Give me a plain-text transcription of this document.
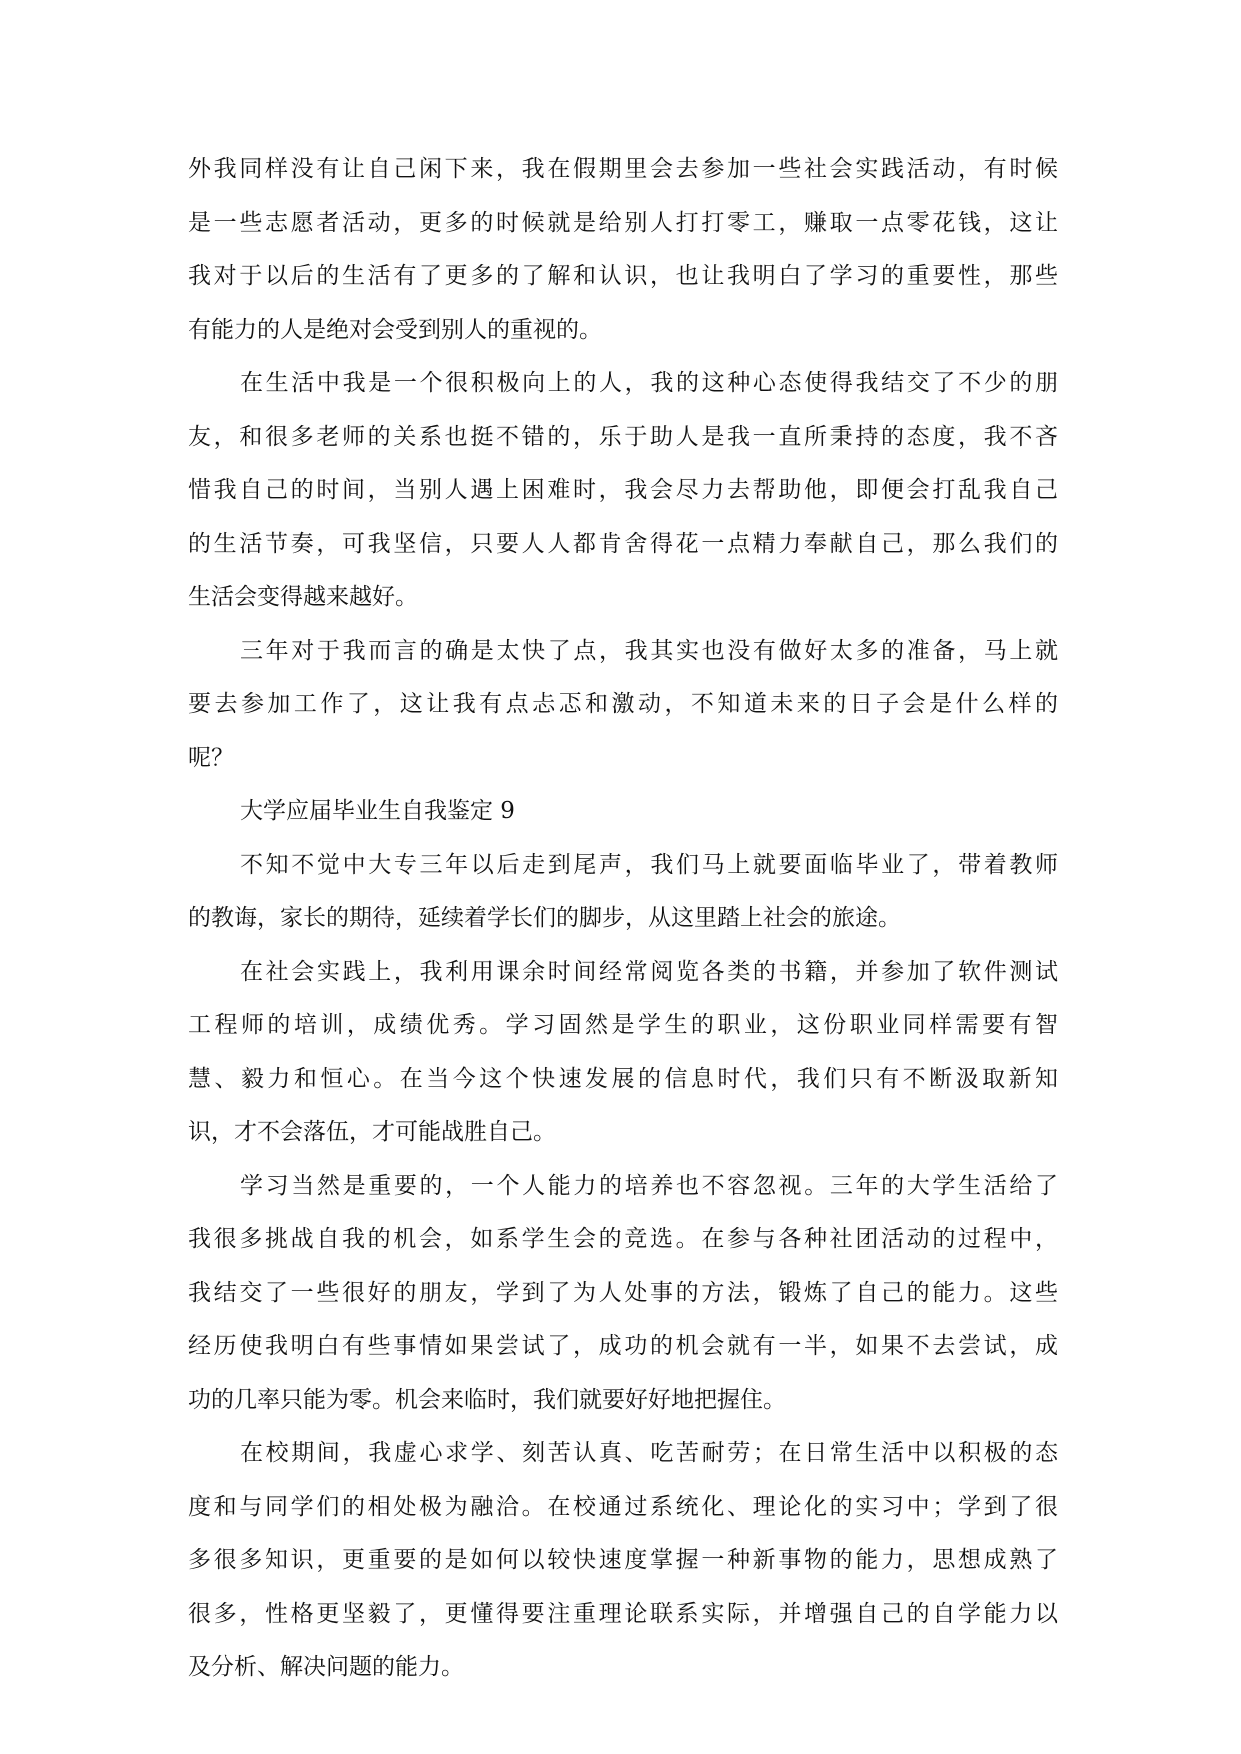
外我同样没有让自己闲下来，我在假期里会去参加一些社会实践活动，有时候
是一些志愿者活动，更多的时候就是给别人打打零工，赚取一点零花钱，这让
我对于以后的生活有了更多的了解和认识，也让我明白了学习的重要性，那些
有能力的人是绝对会受到别人的重视的。
在生活中我是一个很积极向上的人，我的这种心态使得我结交了不少的朋
友，和很多老师的关系也挺不错的，乐于助人是我一直所秉持的态度，我不吝
惜我自己的时间，当别人遇上困难时，我会尽力去帮助他，即便会打乱我自己
的生活节奏，可我坚信，只要人人都肯舍得花一点精力奉献自己，那么我们的
生活会变得越来越好。
三年对于我而言的确是太快了点，我其实也没有做好太多的准备，马上就
要去参加工作了，这让我有点忐忑和激动，不知道未来的日子会是什么样的
呢？
大学应届毕业生自我鉴定 9
不知不觉中大专三年以后走到尾声，我们马上就要面临毕业了，带着教师
的教诲，家长的期待，延续着学长们的脚步，从这里踏上社会的旅途。
在社会实践上，我利用课余时间经常阅览各类的书籍，并参加了软件测试
工程师的培训，成绩优秀。学习固然是学生的职业，这份职业同样需要有智
慧、毅力和恒心。在当今这个快速发展的信息时代，我们只有不断汲取新知
识，才不会落伍，才可能战胜自己。
学习当然是重要的，一个人能力的培养也不容忽视。三年的大学生活给了
我很多挑战自我的机会，如系学生会的竞选。在参与各种社团活动的过程中，
我结交了一些很好的朋友，学到了为人处事的方法，锻炼了自己的能力。这些
经历使我明白有些事情如果尝试了，成功的机会就有一半，如果不去尝试，成
功的几率只能为零。机会来临时，我们就要好好地把握住。
在校期间，我虚心求学、刻苦认真、吃苦耐劳；在日常生活中以积极的态
度和与同学们的相处极为融洽。在校通过系统化、理论化的实习中；学到了很
多很多知识，更重要的是如何以较快速度掌握一种新事物的能力，思想成熟了
很多，性格更坚毅了，更懂得要注重理论联系实际，并增强自己的自学能力以
及分析、解决问题的能力。
